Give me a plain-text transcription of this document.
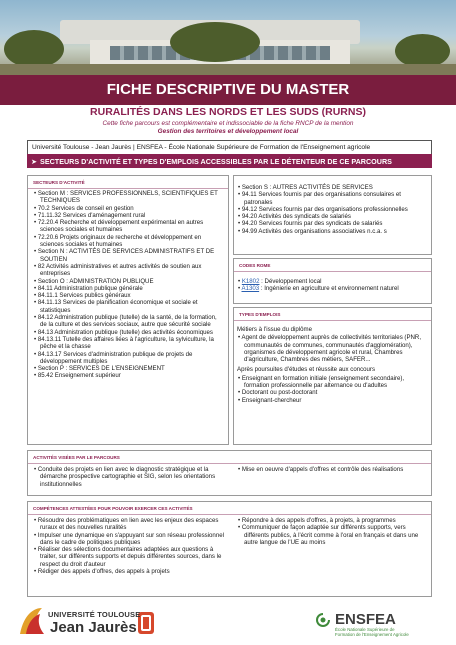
FICHE DESCRIPTIVE DU MASTER
RURALITÉS DANS LES NORDS ET LES SUDS (RURNS)
Cette fiche parcours est complémentaire et indissociable de la fiche RNCP de la mention
Gestion des territoires et développement local
Université Toulouse - Jean Jaurès | ENSFEA - École Nationale Supérieure de Formation de l'Enseignement agricole
➤ SECTEURS D'ACTIVITÉ ET TYPES D'EMPLOIS ACCESSIBLES PAR LE DÉTENTEUR DE CE PARCOURS
SECTEURS D'ACTIVITÉ
• Section M : SERVICES PROFESSIONNELS, SCIENTIFIQUES ET TECHNIQUES
• 70.2 Services de conseil en gestion
• 71.11.32 Services d'aménagement rural
• 72.20.4 Recherche et développement expérimental en autres sciences sociales et humaines
• 72.20.6 Projets originaux de recherche et développement en sciences sociales et humaines
• Section N : ACTIVITÉS DE SERVICES ADMINISTRATIFS ET DE SOUTIEN
• 82 Activités administratives et autres activités de soutien aux entreprises
• Section O : ADMINISTRATION PUBLIQUE
• 84.11 Administration publique générale
• 84.11.1 Services publics généraux
• 84.11.13 Services de planification économique et sociale et statistiques
• 84.12 Administration publique (tutelle) de la santé, de la formation, de la culture et des services sociaux, autre que sécurité sociale
• 84.13 Administration publique (tutelle) des activités économiques
• 84.13.11 Tutelle des affaires liées à l'agriculture, la sylviculture, la pêche et la chasse
• 84.13.17 Services d'administration publique de projets de développement multiples
• Section P : SERVICES DE L'ENSEIGNEMENT
• 85.42 Enseignement supérieur
• Section S : AUTRES ACTIVITÉS DE SERVICES
• 94.11 Services fournis par des organisations consulaires et patronales
• 94.12 Services fournis par des organisations professionnelles
• 94.20 Activités des syndicats de salariés
• 94.20 Services fournis par des syndicats de salariés
• 94.99 Activités des organisations associatives n.c.a. s
CODES ROME
• K1802 : Développement local
• A1303 : Ingénierie en agriculture et environnement naturel
TYPES D'EMPLOIS
Métiers à l'issue du diplôme
• Agent de développement auprès de collectivités territoriales (PNR, communautés de communes, communautés d'agglomération), organismes de développement agricole et rural, Chambres d'agriculture, Chambres des métiers, SAFER...
Après poursuites d'études et réussite aux concours
• Enseignant en formation initiale (enseignement secondaire), formation professionnelle par alternance ou d'adultes
• Doctorant ou post-doctorant
• Enseignant-chercheur
ACTIVITÉS VISÉES PAR LE PARCOURS
• Conduite des projets en lien avec le diagnostic stratégique et la démarche prospective cartographie et SIG, selon les orientations institutionnelles
• Mise en oeuvre d'appels d'offres et contrôle des réalisations
COMPÉTENCES ATTESTÉES POUR POUVOIR EXERCER CES ACTIVITÉS
• Résoudre des problématiques en lien avec les enjeux des espaces ruraux et des nouvelles ruralités
• Impulser une dynamique en s'appuyant sur son réseau professionnel dans le cadre de politiques publiques
• Réaliser des sélections documentaires adaptées aux questions à traiter, sur différents supports et depuis différentes sources, dans le respect du droit d'auteur
• Rédiger des appels d'offres, des appels à projets
• Répondre à des appels d'offres, à projets, à programmes
• Communiquer de façon adaptée sur différents supports, vers différents publics, à l'écrit comme à l'oral en français et dans une autre langue de l'UE au moins
UNIVERSITÉ TOULOUSE
Jean Jaurès	ENSFEA
École Nationale Supérieure de
Formation de l'Enseignement Agricole
